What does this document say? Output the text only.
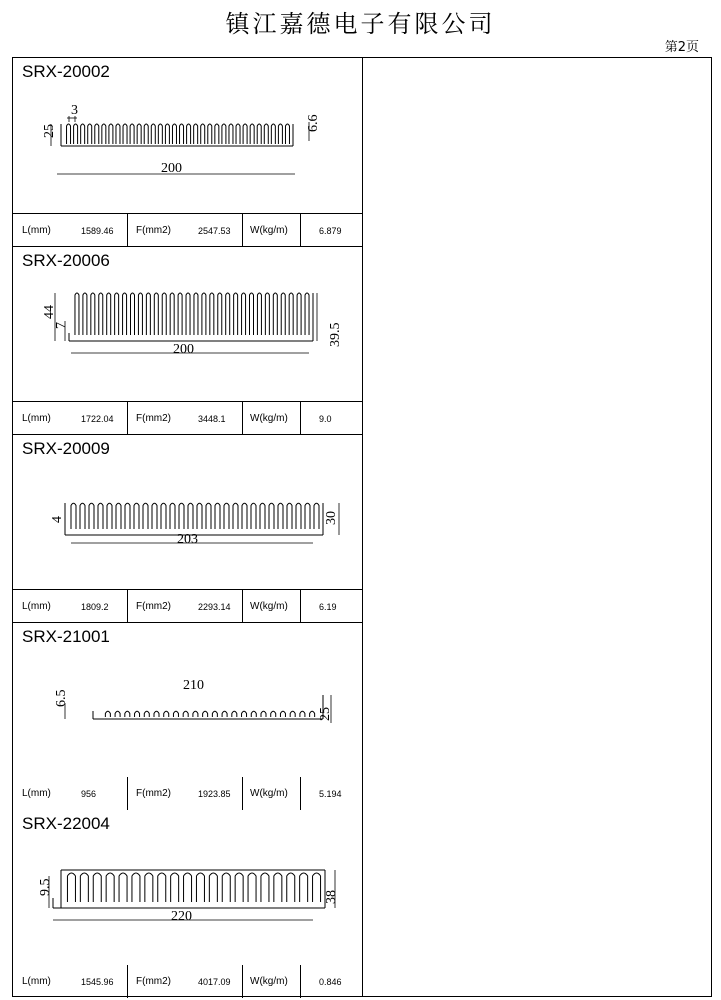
镇江嘉德电子有限公司
第2页
SRX-20002
3
25	6.6
200
L(mm)	1589.46 F(mm2)	2547.53 W(kg/m)	6.879
SRX-20006
44
7	39.5
200
L(mm)	1722.04 F(mm2)	3448.1 W(kg/m)	9.0
SRX-20009
4	30
203
L(mm)	1809.2	F(mm2)	2293.14 W(kg/m)	6.19
SRX-21001
6.5
210
25
L(mm)	956	F(mm2)	1923.85 W(kg/m)	5.194
SRX-22004
9.5
38
220
L(mm)	1545.96 F(mm2)	4017.09 W(kg/m)	0.846
